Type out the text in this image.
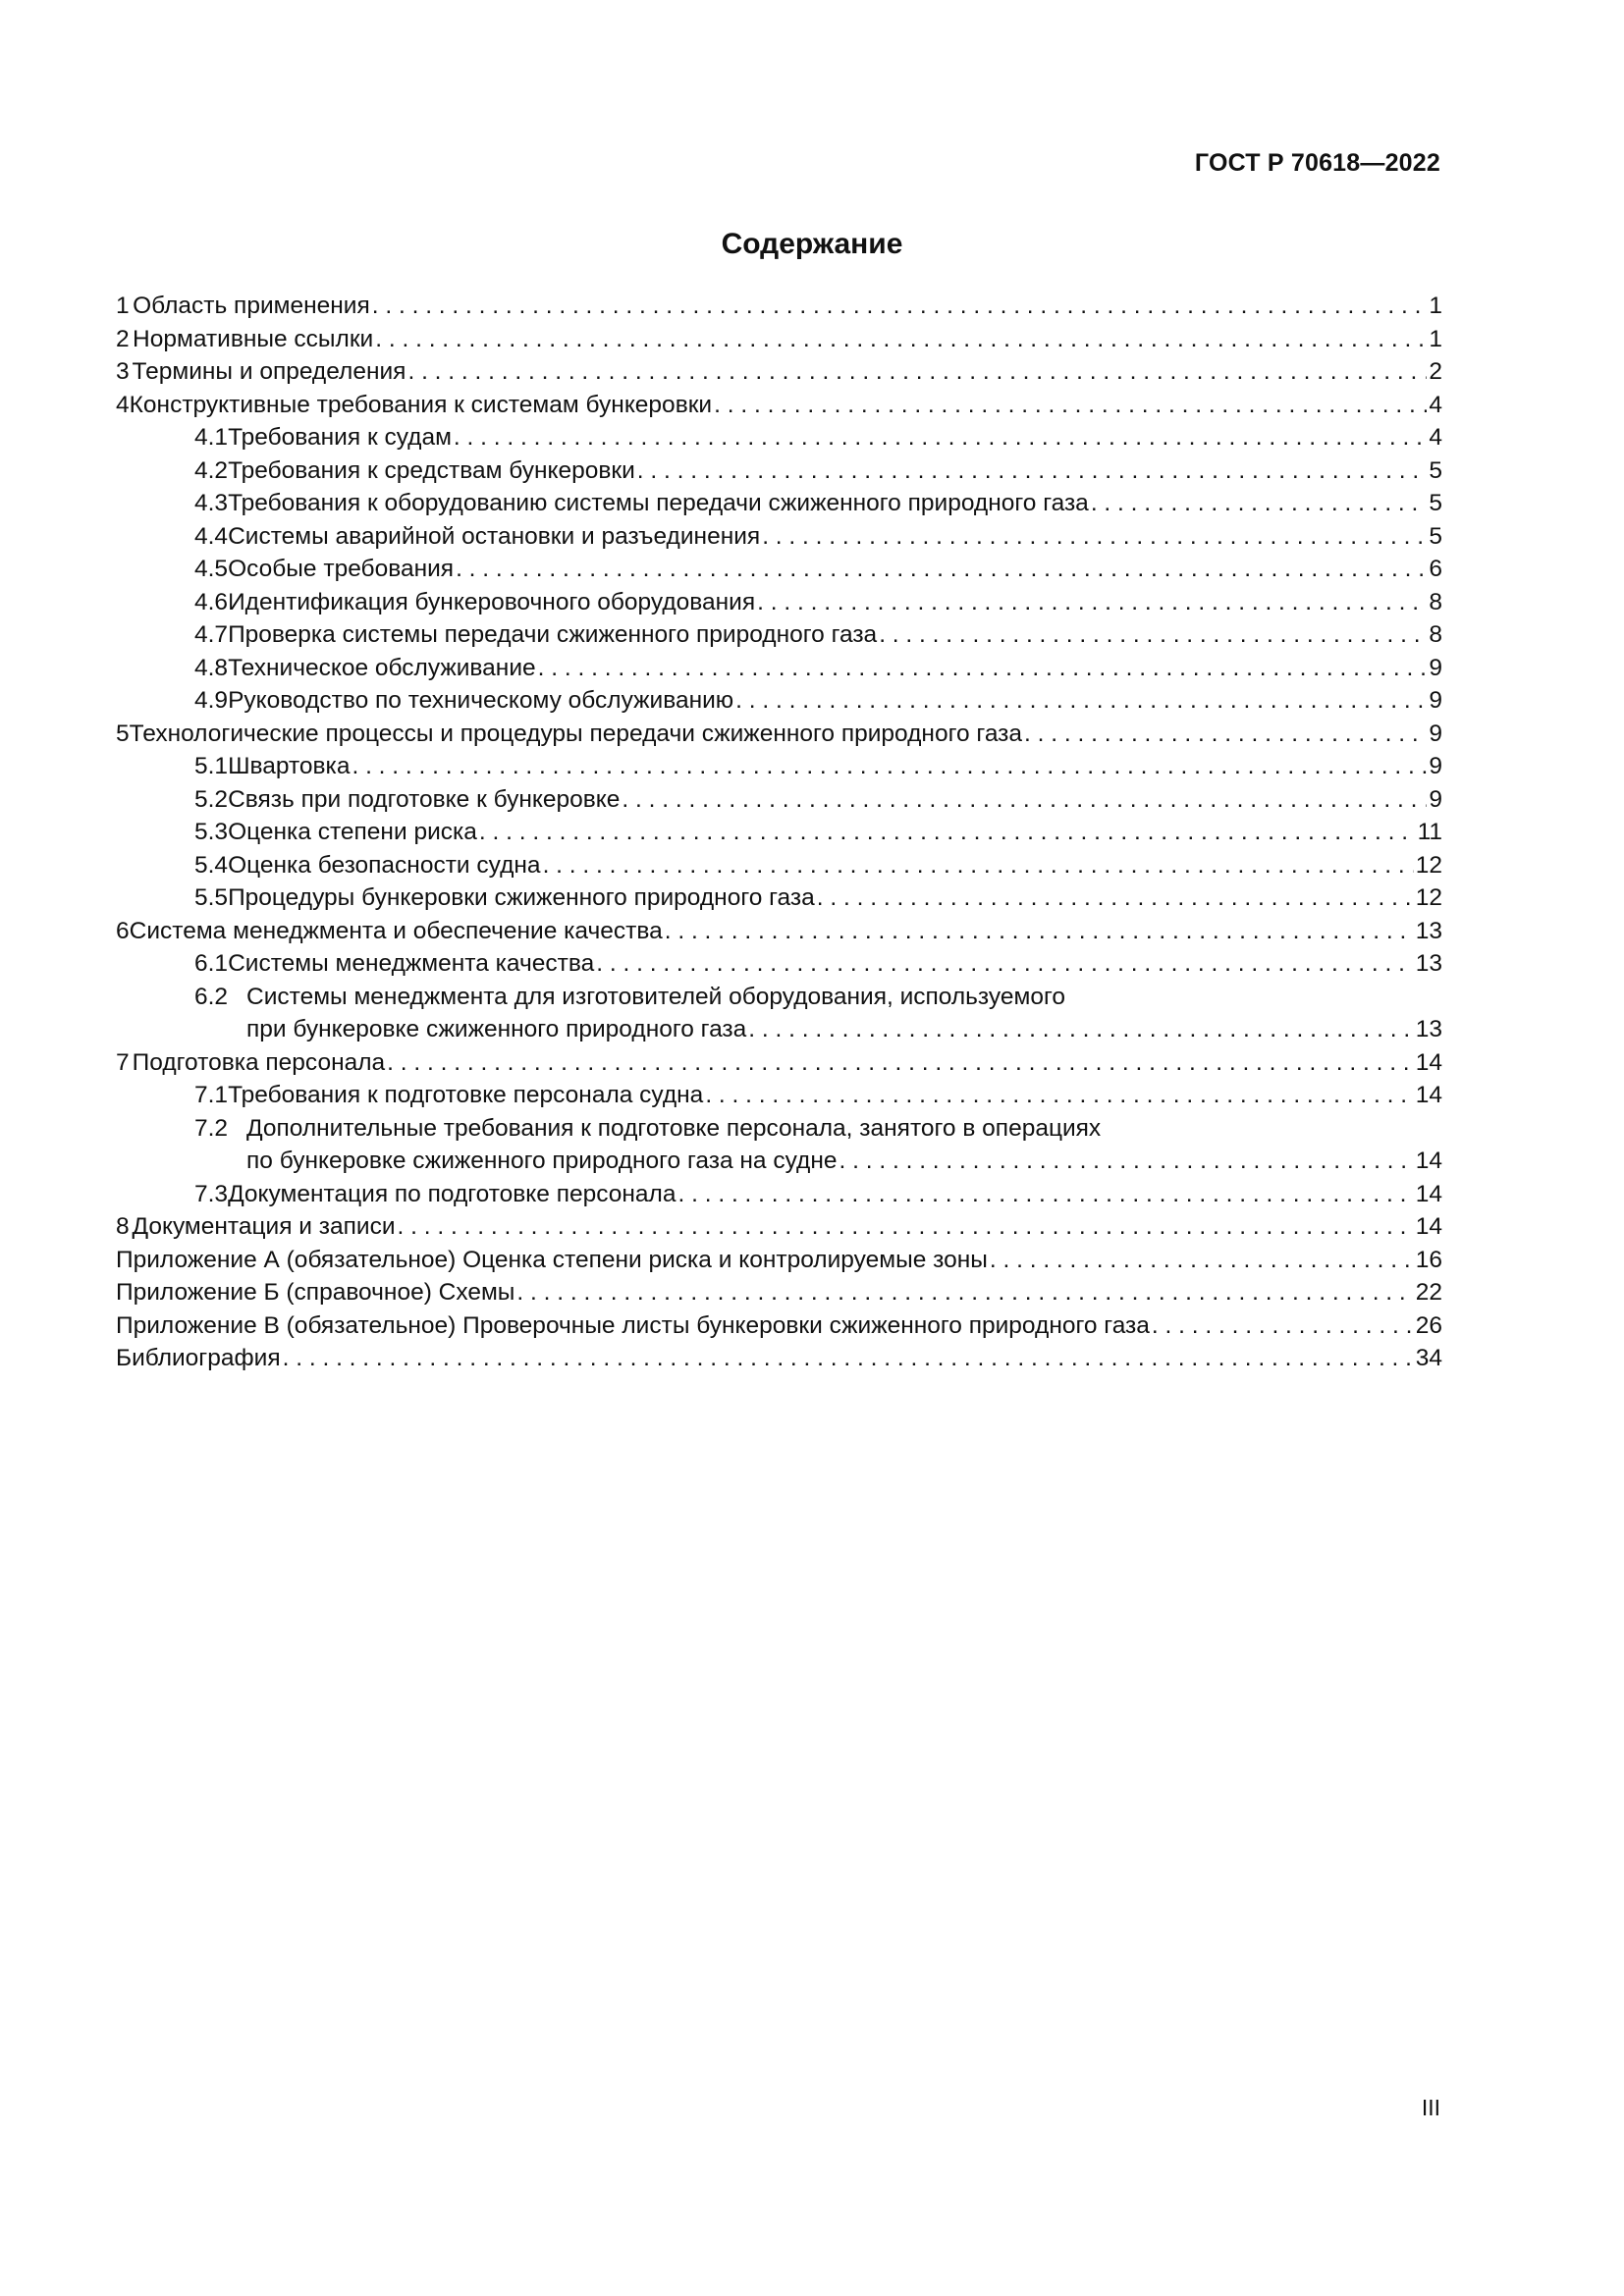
ГОСТ Р 70618—2022
Содержание
1 Область применения . . .	1
2 Нормативные ссылки . . .	1
3 Термины и определения . . .	2
4 Конструктивные требования к системам бункеровки . . .	4
4.1 Требования к судам . . .	4
4.2 Требования к средствам бункеровки . . .	5
4.3 Требования к оборудованию системы передачи сжиженного природного газа . . .	5
4.4 Системы аварийной остановки и разъединения . . .	5
4.5 Особые требования . . .	6
4.6 Идентификация бункеровочного оборудования . . .	8
4.7 Проверка системы передачи сжиженного природного газа . . .	8
4.8 Техническое обслуживание . . .	9
4.9 Руководство по техническому обслуживанию . . .	9
5 Технологические процессы и процедуры передачи сжиженного природного газа . . .	9
5.1 Швартовка . . .	9
5.2 Связь при подготовке к бункеровке . . .	9
5.3 Оценка степени риска . . .	11
5.4 Оценка безопасности судна . . .	12
5.5 Процедуры бункеровки сжиженного природного газа . . .	12
6 Система менеджмента и обеспечение качества . . .	13
6.1 Системы менеджмента качества . . .	13
6.2 Системы менеджмента для изготовителей оборудования, используемого
при бункеровке сжиженного природного газа . . .	13
7 Подготовка персонала . . .	14
7.1 Требования к подготовке персонала судна . . .	14
7.2 Дополнительные требования к подготовке персонала, занятого в операциях
по бункеровке сжиженного природного газа на судне . . .	14
7.3 Документация по подготовке персонала . . .	14
8 Документация и записи . . .	14
Приложение А (обязательное) Оценка степени риска и контролируемые зоны . . .	16
Приложение Б (справочное) Схемы . . .	22
Приложение В (обязательное) Проверочные листы бункеровки сжиженного природного газа . . .	26
Библиография . . .	34
III
